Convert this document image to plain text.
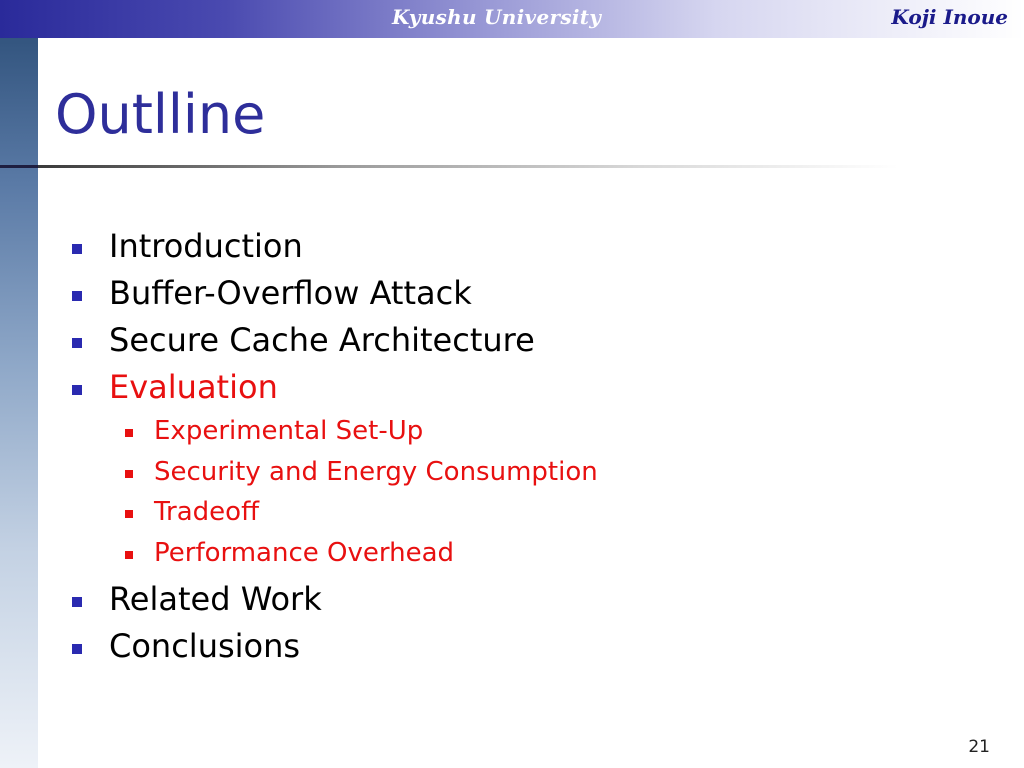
Kyushu University	Koji Inoue
Outlline
Introduction
Buffer-Overflow Attack
Secure Cache Architecture
Evaluation
Experimental Set-Up
Security and Energy Consumption
Tradeoff
Performance Overhead
Related Work
Conclusions
21
